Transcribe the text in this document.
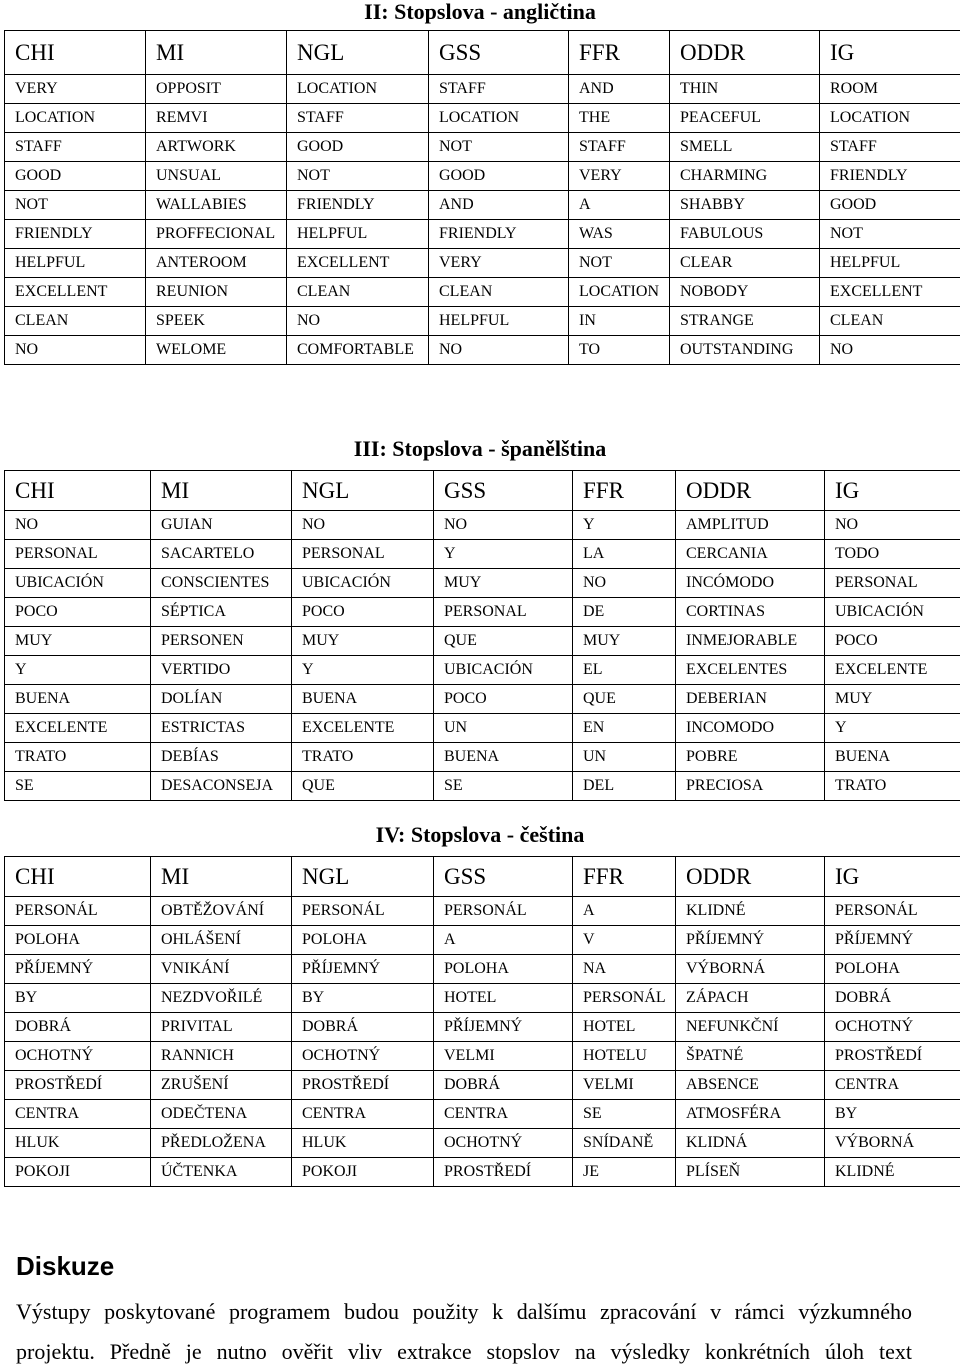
II: Stopslova - angličtina
CHI	MI	NGL	GSS	FFR	ODDR	IG
VERY	OPPOSIT	LOCATION	STAFF	AND	THIN	ROOM
LOCATION	REMVI	STAFF	LOCATION	THE	PEACEFUL	LOCATION
STAFF	ARTWORK	GOOD	NOT	STAFF	SMELL	STAFF
GOOD	UNSUAL	NOT	GOOD	VERY	CHARMING	FRIENDLY
NOT	WALLABIES	FRIENDLY	AND	A	SHABBY	GOOD
FRIENDLY	PROFFECIONAL	HELPFUL	FRIENDLY	WAS	FABULOUS	NOT
HELPFUL	ANTEROOM	EXCELLENT	VERY	NOT	CLEAR	HELPFUL
EXCELLENT	REUNION	CLEAN	CLEAN	LOCATION	NOBODY	EXCELLENT
CLEAN	SPEEK	NO	HELPFUL	IN	STRANGE	CLEAN
NO	WELOME	COMFORTABLE	NO	TO	OUTSTANDING	NO
III: Stopslova - španělština
CHI	MI	NGL	GSS	FFR	ODDR	IG
NO	GUIAN	NO	NO	Y	AMPLITUD	NO
PERSONAL	SACARTELO	PERSONAL	Y	LA	CERCANIA	TODO
UBICACIÓN	CONSCIENTES	UBICACIÓN	MUY	NO	INCÓMODO	PERSONAL
POCO	SÉPTICA	POCO	PERSONAL	DE	CORTINAS	UBICACIÓN
MUY	PERSONEN	MUY	QUE	MUY	INMEJORABLE	POCO
Y	VERTIDO	Y	UBICACIÓN	EL	EXCELENTES	EXCELENTE
BUENA	DOLÍAN	BUENA	POCO	QUE	DEBERIAN	MUY
EXCELENTE	ESTRICTAS	EXCELENTE	UN	EN	INCOMODO	Y
TRATO	DEBÍAS	TRATO	BUENA	UN	POBRE	BUENA
SE	DESACONSEJA	QUE	SE	DEL	PRECIOSA	TRATO
IV: Stopslova - čeština
CHI	MI	NGL	GSS	FFR	ODDR	IG
PERSONÁL	OBTĚŽOVÁNÍ	PERSONÁL	PERSONÁL	A	KLIDNÉ	PERSONÁL
POLOHA	OHLÁŠENÍ	POLOHA	A	V	PŘÍJEMNÝ	PŘÍJEMNÝ
PŘÍJEMNÝ	VNIKÁNÍ	PŘÍJEMNÝ	POLOHA	NA	VÝBORNÁ	POLOHA
BY	NEZDVOŘILÉ	BY	HOTEL	PERSONÁL	ZÁPACH	DOBRÁ
DOBRÁ	PRIVITAL	DOBRÁ	PŘÍJEMNÝ	HOTEL	NEFUNKČNÍ	OCHOTNÝ
OCHOTNÝ	RANNICH	OCHOTNÝ	VELMI	HOTELU	ŠPATNÉ	PROSTŘEDÍ
PROSTŘEDÍ	ZRUŠENÍ	PROSTŘEDÍ	DOBRÁ	VELMI	ABSENCE	CENTRA
CENTRA	ODEČTENA	CENTRA	CENTRA	SE	ATMOSFÉRA	BY
HLUK	PŘEDLOŽENA	HLUK	OCHOTNÝ	SNÍDANĚ	KLIDNÁ	VÝBORNÁ
POKOJI	ÚČTENKA	POKOJI	PROSTŘEDÍ	JE	PLÍSEŇ	KLIDNÉ
Diskuze
Výstupy poskytované programem budou použity k dalšímu zpracování v rámci výzkumného
projektu. Předně je nutno ověřit vliv extrakce stopslov na výsledky konkrétních úloh text
